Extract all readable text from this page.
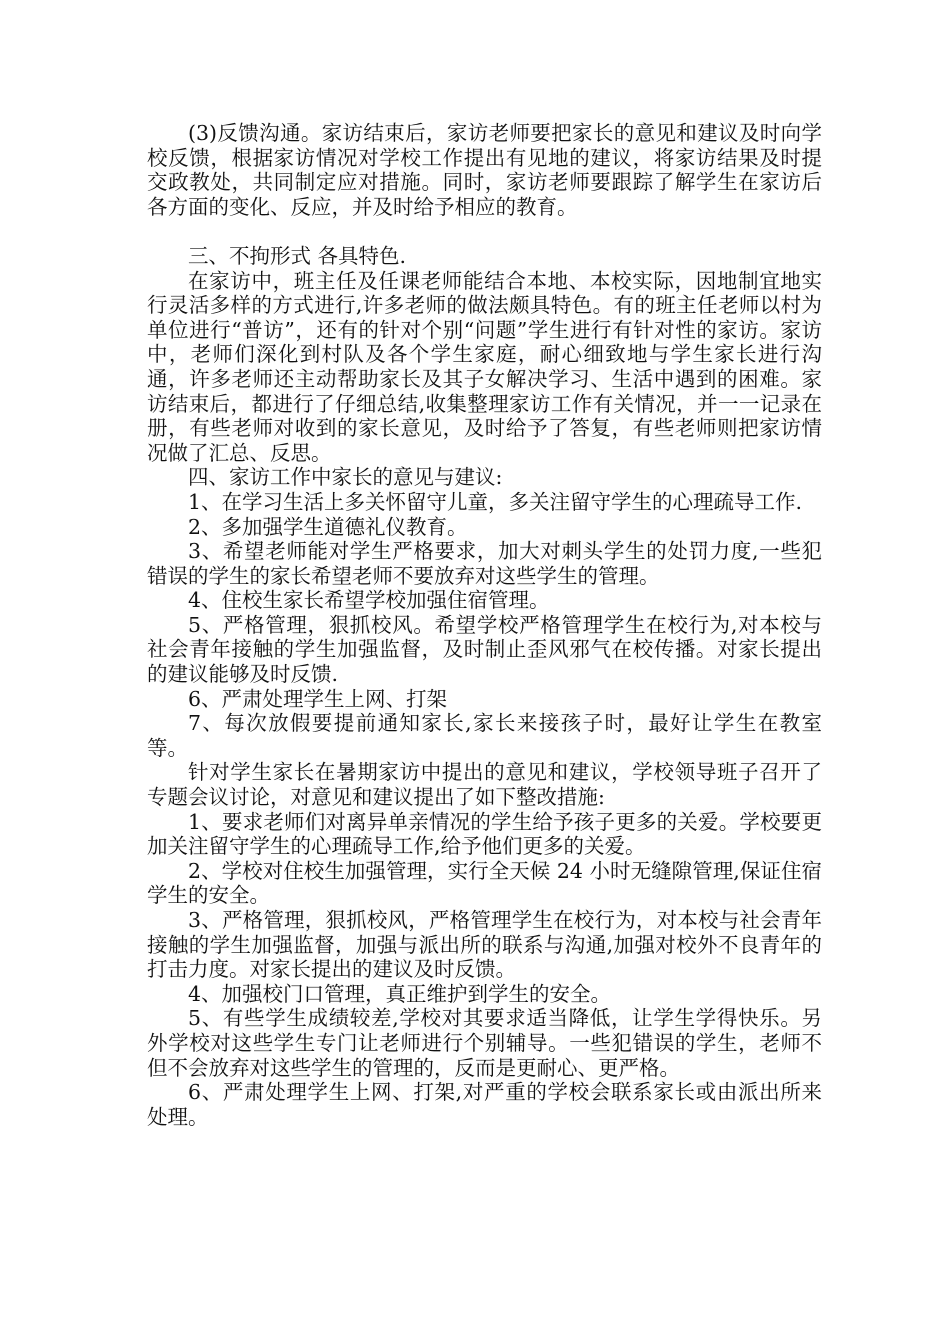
(3)反馈沟通。家访结束后，家访老师要把家长的意见和建议及时向学校反馈，根据家访情况对学校工作提出有见地的建议，将家访结果及时提交政教处，共同制定应对措施。同时，家访老师要跟踪了解学生在家访后各方面的变化、反应，并及时给予相应的教育。

三、不拘形式 各具特色.

在家访中，班主任及任课老师能结合本地、本校实际，因地制宜地实行灵活多样的方式进行,许多老师的做法颇具特色。有的班主任老师以村为单位进行“普访”，还有的针对个别“问题”学生进行有针对性的家访。家访中，老师们深化到村队及各个学生家庭，耐心细致地与学生家长进行沟通，许多老师还主动帮助家长及其子女解决学习、生活中遇到的困难。家访结束后，都进行了仔细总结,收集整理家访工作有关情况，并一一记录在册，有些老师对收到的家长意见，及时给予了答复，有些老师则把家访情况做了汇总、反思。

四、家访工作中家长的意见与建议:

1、在学习生活上多关怀留守儿童，多关注留守学生的心理疏导工作.

2、多加强学生道德礼仪教育。

3、希望老师能对学生严格要求，加大对刺头学生的处罚力度,一些犯错误的学生的家长希望老师不要放弃对这些学生的管理。

4、住校生家长希望学校加强住宿管理。

5、严格管理，狠抓校风。希望学校严格管理学生在校行为,对本校与社会青年接触的学生加强监督，及时制止歪风邪气在校传播。对家长提出的建议能够及时反馈.

6、严肃处理学生上网、打架

7、每次放假要提前通知家长,家长来接孩子时，最好让学生在教室等。

针对学生家长在暑期家访中提出的意见和建议，学校领导班子召开了专题会议讨论，对意见和建议提出了如下整改措施:

1、要求老师们对离异单亲情况的学生给予孩子更多的关爱。学校要更加关注留守学生的心理疏导工作,给予他们更多的关爱。

2、学校对住校生加强管理，实行全天候 24 小时无缝隙管理,保证住宿学生的安全。

3、严格管理，狠抓校风，严格管理学生在校行为，对本校与社会青年接触的学生加强监督，加强与派出所的联系与沟通,加强对校外不良青年的打击力度。对家长提出的建议及时反馈。

4、加强校门口管理，真正维护到学生的安全。

5、有些学生成绩较差,学校对其要求适当降低，让学生学得快乐。另外学校对这些学生专门让老师进行个别辅导。一些犯错误的学生，老师不但不会放弃对这些学生的管理的，反而是更耐心、更严格。

6、严肃处理学生上网、打架,对严重的学校会联系家长或由派出所来处理。
